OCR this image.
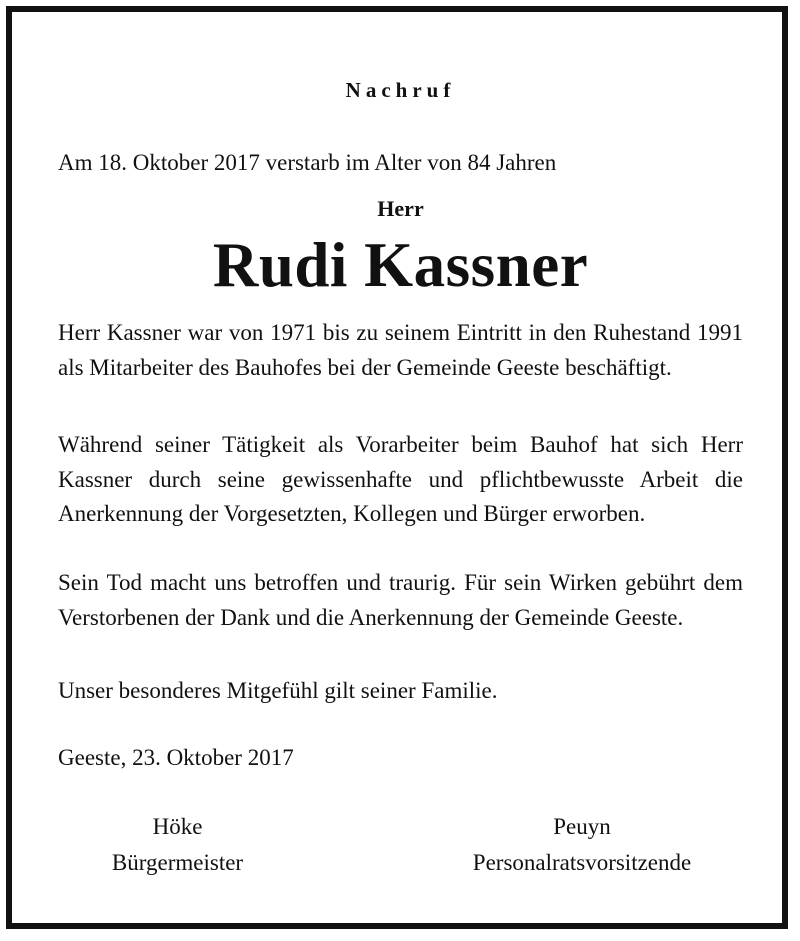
Nachruf
Am 18. Oktober 2017 verstarb im Alter von 84 Jahren
Herr
Rudi Kassner
Herr Kassner war von 1971 bis zu seinem Eintritt in den Ruhestand 1991 als Mitarbeiter des Bauhofes bei der Gemeinde Geeste beschäftigt.
Während seiner Tätigkeit als Vorarbeiter beim Bauhof hat sich Herr Kassner durch seine gewissenhafte und pflichtbewusste Arbeit die Anerkennung der Vorgesetzten, Kollegen und Bürger erworben.
Sein Tod macht uns betroffen und traurig. Für sein Wirken gebührt dem Verstorbenen der Dank und die Anerkennung der Gemeinde Geeste.
Unser besonderes Mitgefühl gilt seiner Familie.
Geeste, 23. Oktober 2017
Höke
Bürgermeister
Peuyn
Personalratsvorsitzende
